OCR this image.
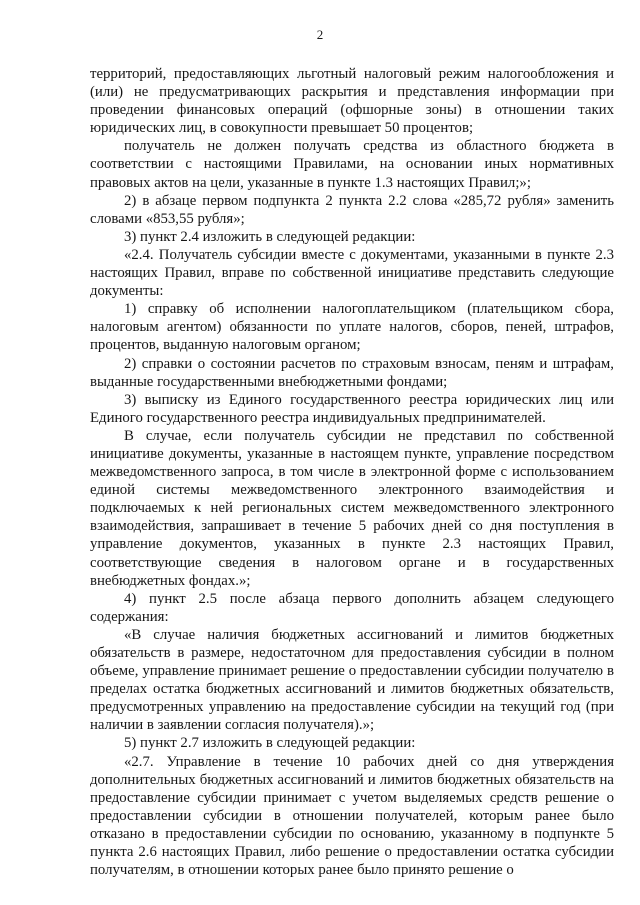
2

территорий, предоставляющих льготный налоговый режим налогообложения и (или) не предусматривающих раскрытия и представления информации при проведении финансовых операций (офшорные зоны) в отношении таких юридических лиц, в совокупности превышает 50 процентов;

получатель не должен получать средства из областного бюджета в соответствии с настоящими Правилами, на основании иных нормативных правовых актов на цели, указанные в пункте 1.3 настоящих Правил;»;

2) в абзаце первом подпункта 2 пункта 2.2 слова «285,72 рубля» заменить словами «853,55 рубля»;

3) пункт 2.4 изложить в следующей редакции:

«2.4. Получатель субсидии вместе с документами, указанными в пункте 2.3 настоящих Правил, вправе по собственной инициативе представить следующие документы:

1) справку об исполнении налогоплательщиком (плательщиком сбора, налоговым агентом) обязанности по уплате налогов, сборов, пеней, штрафов, процентов, выданную налоговым органом;

2) справки о состоянии расчетов по страховым взносам, пеням и штрафам, выданные государственными внебюджетными фондами;

3) выписку из Единого государственного реестра юридических лиц или Единого государственного реестра индивидуальных предпринимателей.

В случае, если получатель субсидии не представил по собственной инициативе документы, указанные в настоящем пункте, управление посредством межведомственного запроса, в том числе в электронной форме с использованием единой системы межведомственного электронного взаимодействия и подключаемых к ней региональных систем межведомственного электронного взаимодействия, запрашивает в течение 5 рабочих дней со дня поступления в управление документов, указанных в пункте 2.3 настоящих Правил, соответствующие сведения в налоговом органе и в государственных внебюджетных фондах.»;

4) пункт 2.5 после абзаца первого дополнить абзацем следующего содержания:

«В случае наличия бюджетных ассигнований и лимитов бюджетных обязательств в размере, недостаточном для предоставления субсидии в полном объеме, управление принимает решение о предоставлении субсидии получателю в пределах остатка бюджетных ассигнований и лимитов бюджетных обязательств, предусмотренных управлению на предоставление субсидии на текущий год (при наличии в заявлении согласия получателя).»;

5) пункт 2.7 изложить в следующей редакции:

«2.7. Управление в течение 10 рабочих дней со дня утверждения дополнительных бюджетных ассигнований и лимитов бюджетных обязательств на предоставление субсидии принимает с учетом выделяемых средств решение о предоставлении субсидии в отношении получателей, которым ранее было отказано в предоставлении субсидии по основанию, указанному в подпункте 5 пункта 2.6 настоящих Правил, либо решение о предоставлении остатка субсидии получателям, в отношении которых ранее было принято решение о
